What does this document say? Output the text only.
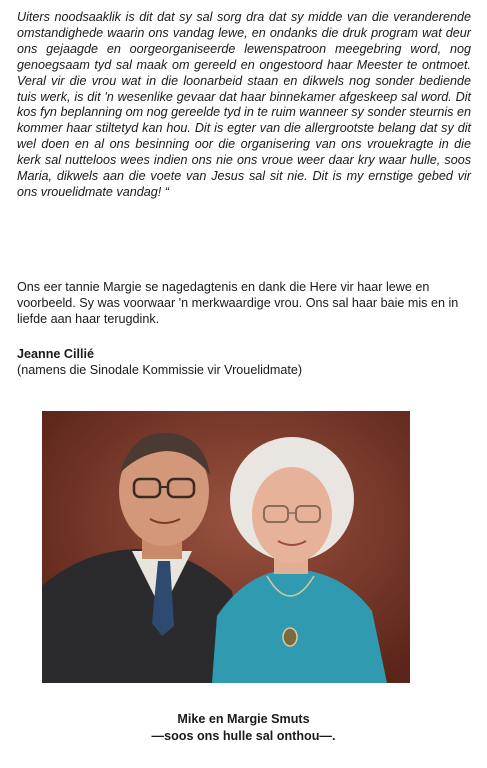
Uiters noodsaaklik is dit dat sy sal sorg dra dat sy midde van die veranderende omstandighede waarin ons vandag lewe, en ondanks die druk program wat deur ons gejaagde en oorgeorganiseerde lewenspatroon meegebring word, nog genoegsaam tyd sal maak om gereeld en ongestoord haar Meester te ontmoet. Veral vir die vrou wat in die loonarbeid staan en dikwels nog sonder bediende tuis werk, is dit 'n wesenlike gevaar dat haar binnekamer afgeskeep sal word. Dit kos fyn beplanning om nog gereelde tyd in te ruim wanneer sy sonder steurnis en kommer haar stiltetyd kan hou. Dit is egter van die allergrootste belang dat sy dit wel doen en al ons besinning oor die organisering van ons vrouekragte in die kerk sal nutteloos wees indien ons nie ons vroue weer daar kry waar hulle, soos Maria, dikwels aan die voete van Jesus sal sit nie. Dit is my ernstige gebed vir ons vrouelidmate vandag! “

Ons eer tannie Margie se nagedagtenis en dank die Here vir haar lewe en voorbeeld. Sy was voorwaar 'n merkwaardige vrou. Ons sal haar baie mis en in liefde aan haar terugdink.

Jeanne Cillié

(namens die Sinodale Kommissie vir Vrouelidmate)

Mike en Margie Smuts
—soos ons hulle sal onthou—.
